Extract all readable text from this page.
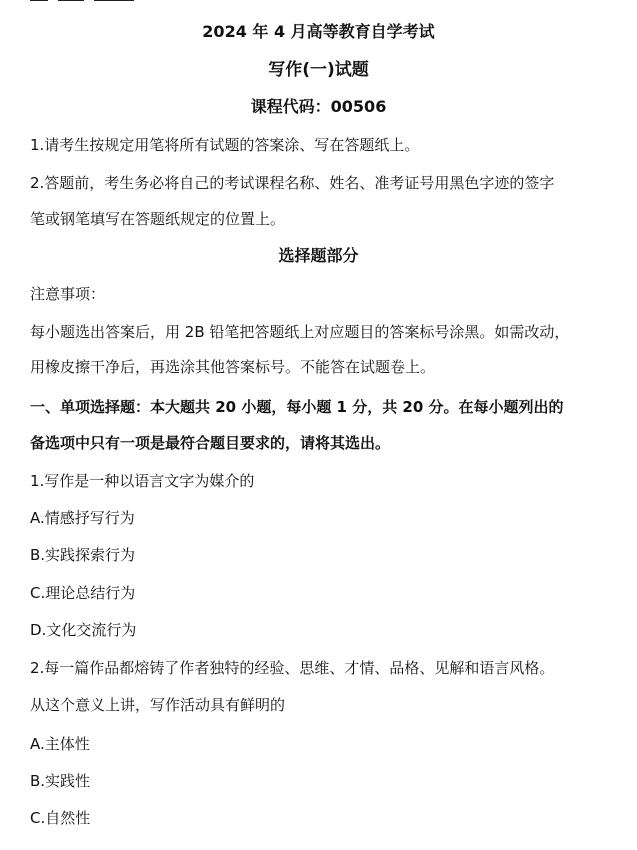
2024 年 4 月高等教育自学考试
写作(一)试题
课程代码：00506
1.请考生按规定用笔将所有试题的答案涂、写在答题纸上。
2.答题前，考生务必将自己的考试课程名称、姓名、准考证号用黑色字迹的签字
笔或钢笔填写在答题纸规定的位置上。
选择题部分
注意事项：
每小题选出答案后，用 2B 铅笔把答题纸上对应题目的答案标号涂黑。如需改动，
用橡皮擦干净后，再选涂其他答案标号。不能答在试题卷上。
一、单项选择题：本大题共 20 小题，每小题 1 分，共 20 分。在每小题列出的
备选项中只有一项是最符合题目要求的，请将其选出。
1.写作是一种以语言文字为媒介的
A.情感抒写行为
B.实践探索行为
C.理论总结行为
D.文化交流行为
2.每一篇作品都熔铸了作者独特的经验、思维、才情、品格、见解和语言风格。
从这个意义上讲，写作活动具有鲜明的
A.主体性
B.实践性
C.自然性
